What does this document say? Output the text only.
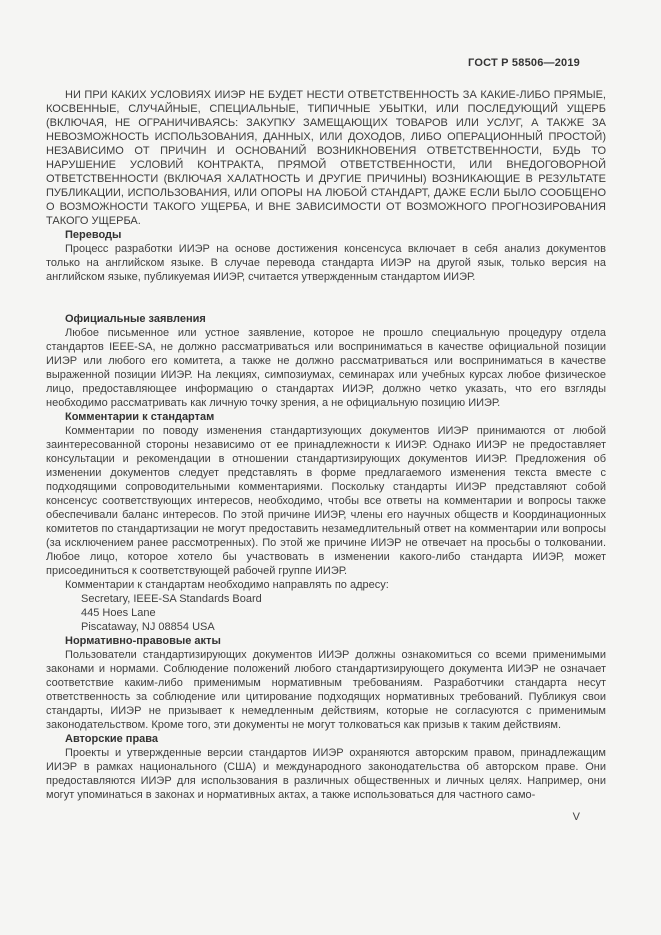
ГОСТ Р 58506—2019

НИ ПРИ КАКИХ УСЛОВИЯХ ИИЭР НЕ БУДЕТ НЕСТИ ОТВЕТСТВЕННОСТЬ ЗА КАКИЕ-ЛИБО ПРЯМЫЕ, КОСВЕННЫЕ, СЛУЧАЙНЫЕ, СПЕЦИАЛЬНЫЕ, ТИПИЧНЫЕ УБЫТКИ, ИЛИ ПОСЛЕДУЮЩИЙ УЩЕРБ (ВКЛЮЧАЯ, НЕ ОГРАНИЧИВАЯСЬ: ЗАКУПКУ ЗАМЕЩАЮЩИХ ТОВАРОВ ИЛИ УСЛУГ, А ТАКЖЕ ЗА НЕВОЗМОЖНОСТЬ ИСПОЛЬЗОВАНИЯ, ДАННЫХ, ИЛИ ДОХОДОВ, ЛИБО ОПЕРАЦИОННЫЙ ПРОСТОЙ) НЕЗАВИСИМО ОТ ПРИЧИН И ОСНОВАНИЙ ВОЗНИКНОВЕНИЯ ОТВЕТСТВЕННОСТИ, БУДЬ ТО НАРУШЕНИЕ УСЛОВИЙ КОНТРАКТА, ПРЯМОЙ ОТВЕТСТВЕННОСТИ, ИЛИ ВНЕДОГОВОРНОЙ ОТВЕТСТВЕННОСТИ (ВКЛЮЧАЯ ХАЛАТНОСТЬ И ДРУГИЕ ПРИЧИНЫ) ВОЗНИКАЮЩИЕ В РЕЗУЛЬТАТЕ ПУБЛИКАЦИИ, ИСПОЛЬЗОВАНИЯ, ИЛИ ОПОРЫ НА ЛЮБОЙ СТАНДАРТ, ДАЖЕ ЕСЛИ БЫЛО СООБЩЕНО О ВОЗМОЖНОСТИ ТАКОГО УЩЕРБА, И ВНЕ ЗАВИСИМОСТИ ОТ ВОЗМОЖНОГО ПРОГНОЗИРОВАНИЯ ТАКОГО УЩЕРБА.

Переводы

Процесс разработки ИИЭР на основе достижения консенсуса включает в себя анализ документов только на английском языке. В случае перевода стандарта ИИЭР на другой язык, только версия на английском языке, публикуемая ИИЭР, считается утвержденным стандартом ИИЭР.

Официальные заявления

Любое письменное или устное заявление, которое не прошло специальную процедуру отдела стандартов IEEE-SA, не должно рассматриваться или восприниматься в качестве официальной позиции ИИЭР или любого его комитета, а также не должно рассматриваться или восприниматься в качестве выраженной позиции ИИЭР. На лекциях, симпозиумах, семинарах или учебных курсах любое физическое лицо, предоставляющее информацию о стандартах ИИЭР, должно четко указать, что его взгляды необходимо рассматривать как личную точку зрения, а не официальную позицию ИИЭР.

Комментарии к стандартам

Комментарии по поводу изменения стандартизующих документов ИИЭР принимаются от любой заинтересованной стороны независимо от ее принадлежности к ИИЭР. Однако ИИЭР не предоставляет консультации и рекомендации в отношении стандартизирующих документов ИИЭР. Предложения об изменении документов следует представлять в форме предлагаемого изменения текста вместе с подходящими сопроводительными комментариями. Поскольку стандарты ИИЭР представляют собой консенсус соответствующих интересов, необходимо, чтобы все ответы на комментарии и вопросы также обеспечивали баланс интересов. По этой причине ИИЭР, члены его научных обществ и Координационных комитетов по стандартизации не могут предоставить незамедлительный ответ на комментарии или вопросы (за исключением ранее рассмотренных). По этой же причине ИИЭР не отвечает на просьбы о толковании. Любое лицо, которое хотело бы участвовать в изменении какого-либо стандарта ИИЭР, может присоединиться к соответствующей рабочей группе ИИЭР.

Комментарии к стандартам необходимо направлять по адресу:

Secretary, IEEE-SA Standards Board
445 Hoes Lane
Piscataway, NJ 08854 USA
Нормативно-правовые акты

Пользователи стандартизирующих документов ИИЭР должны ознакомиться со всеми применимыми законами и нормами. Соблюдение положений любого стандартизирующего документа ИИЭР не означает соответствие каким-либо применимым нормативным требованиям. Разработчики стандарта несут ответственность за соблюдение или цитирование подходящих нормативных требований. Публикуя свои стандарты, ИИЭР не призывает к немедленным действиям, которые не согласуются с применимым законодательством. Кроме того, эти документы не могут толковаться как призыв к таким действиям.

Авторские права

Проекты и утвержденные версии стандартов ИИЭР охраняются авторским правом, принадлежащим ИИЭР в рамках национального (США) и международного законодательства об авторском праве. Они предоставляются ИИЭР для использования в различных общественных и личных целях. Например, они могут упоминаться в законах и нормативных актах, а также использоваться для частного само-

V
